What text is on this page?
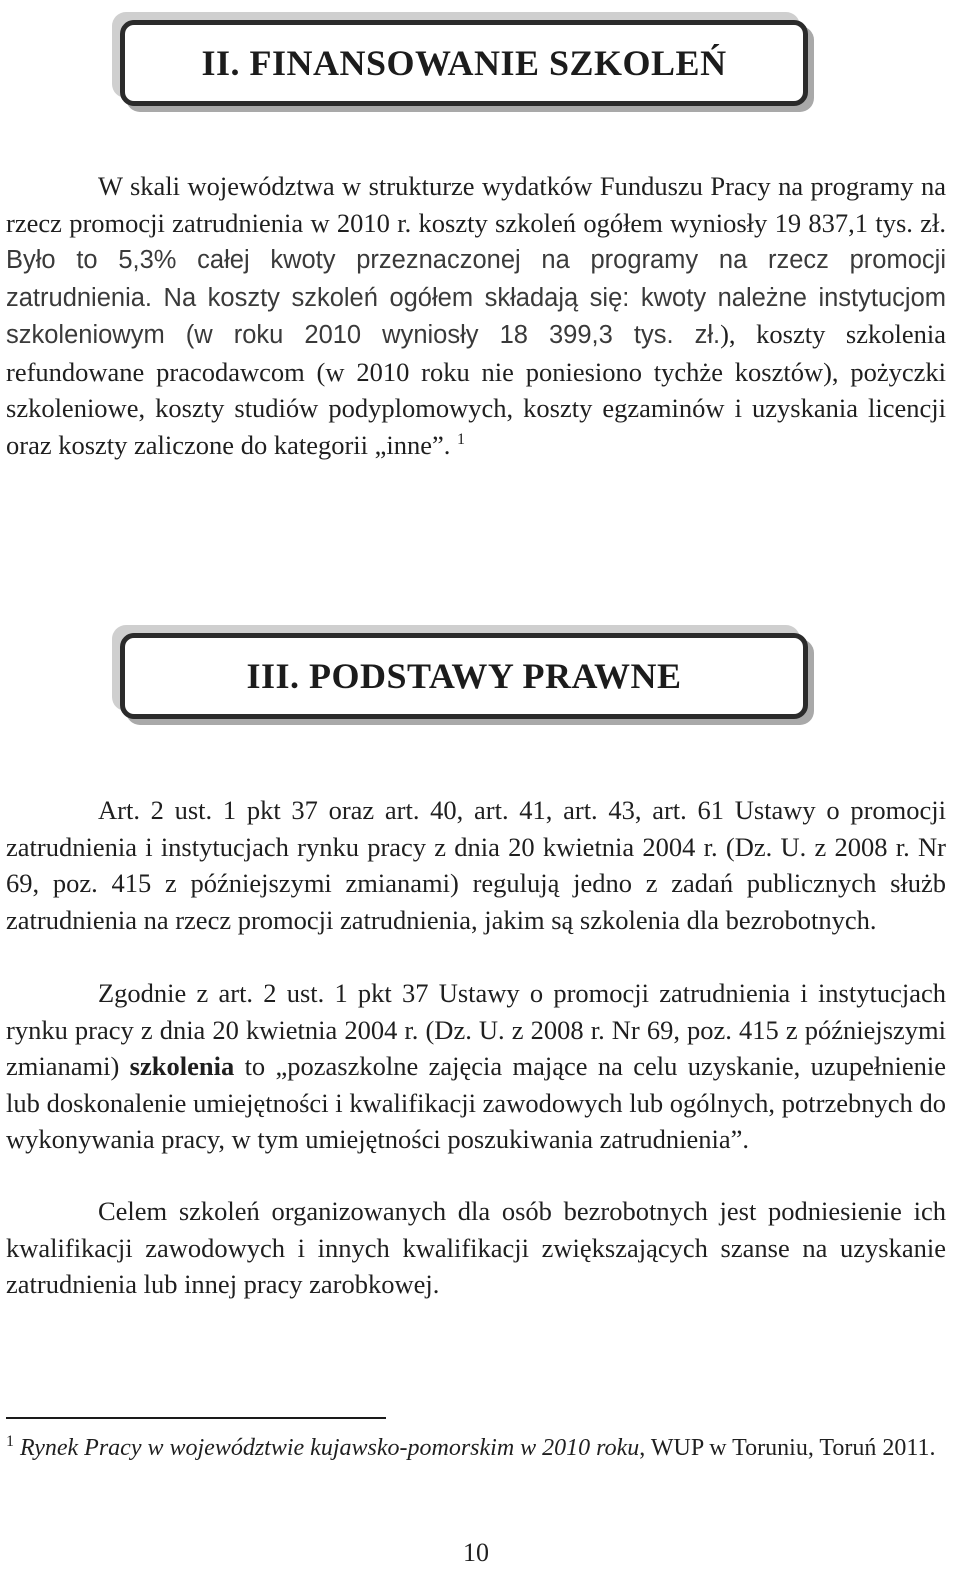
II. FINANSOWANIE SZKOLEŃ

W skali województwa w strukturze wydatków Funduszu Pracy na programy na rzecz promocji zatrudnienia w 2010 r. koszty szkoleń ogółem wyniosły 19 837,1 tys. zł. Było to 5,3% całej kwoty przeznaczonej na programy na rzecz promocji zatrudnienia. Na koszty szkoleń ogółem składają się: kwoty należne instytucjom szkoleniowym (w roku 2010 wyniosły 18 399,3 tys. zł.), koszty szkolenia refundowane pracodawcom (w 2010 roku nie poniesiono tychże kosztów), pożyczki szkoleniowe, koszty studiów podyplomowych, koszty egzaminów i uzyskania licencji oraz koszty zaliczone do kategorii „inne”. $^1$

III. PODSTAWY PRAWNE

Art. 2 ust. 1 pkt 37 oraz art. 40, art. 41, art. 43, art. 61 Ustawy o promocji zatrudnienia i instytucjach rynku pracy z dnia 20 kwietnia 2004 r. (Dz. U. z 2008 r. Nr 69, poz. 415 z późniejszymi zmianami) regulują jedno z zadań publicznych służb zatrudnienia na rzecz promocji zatrudnienia, jakim są szkolenia dla bezrobotnych.

Zgodnie z art. 2 ust. 1 pkt 37 Ustawy o promocji zatrudnienia i instytucjach rynku pracy z dnia 20 kwietnia 2004 r. (Dz. U. z 2008 r. Nr 69, poz. 415 z późniejszymi zmianami) szkolenia to „pozaszkolne zajęcia mające na celu uzyskanie, uzupełnienie lub doskonalenie umiejętności i kwalifikacji zawodowych lub ogólnych, potrzebnych do wykonywania pracy, w tym umiejętności poszukiwania zatrudnienia”.

Celem szkoleń organizowanych dla osób bezrobotnych jest podniesienie ich kwalifikacji zawodowych i innych kwalifikacji zwiększających szanse na uzyskanie zatrudnienia lub innej pracy zarobkowej.

$^1$ Rynek Pracy w województwie kujawsko-pomorskim w 2010 roku, WUP w Toruniu, Toruń 2011.

10
